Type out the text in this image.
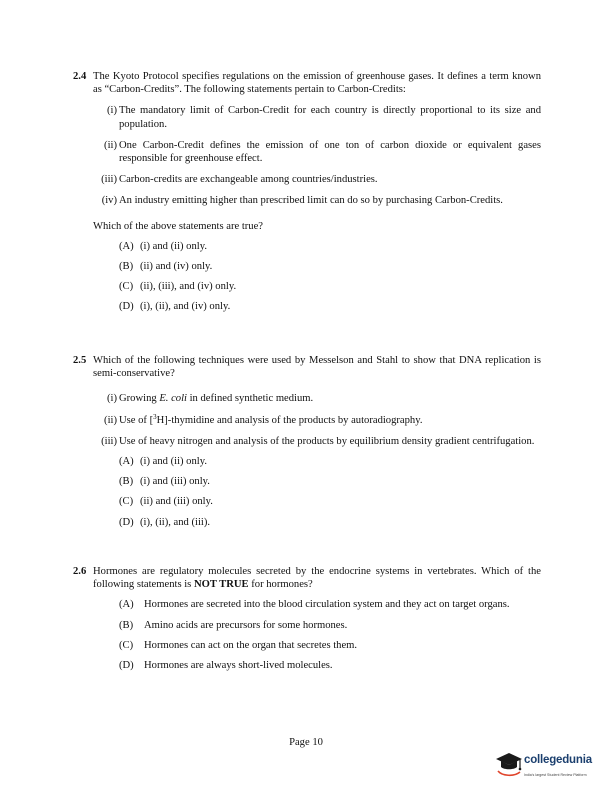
2.4 The Kyoto Protocol specifies regulations on the emission of greenhouse gases. It defines a term known as “Carbon-Credits”. The following statements pertain to Carbon-Credits:
(i) The mandatory limit of Carbon-Credit for each country is directly proportional to its size and population.
(ii) One Carbon-Credit defines the emission of one ton of carbon dioxide or equivalent gases responsible for greenhouse effect.
(iii) Carbon-credits are exchangeable among countries/industries.
(iv) An industry emitting higher than prescribed limit can do so by purchasing Carbon-Credits.
Which of the above statements are true?
(A) (i) and (ii) only.
(B) (ii) and (iv) only.
(C) (ii), (iii), and (iv) only.
(D) (i), (ii), and (iv) only.
2.5 Which of the following techniques were used by Messelson and Stahl to show that DNA replication is semi-conservative?
(i) Growing E. coli in defined synthetic medium.
(ii) Use of [$^3$H]-thymidine and analysis of the products by autoradiography.
(iii) Use of heavy nitrogen and analysis of the products by equilibrium density gradient centrifugation.
(A) (i) and (ii) only.
(B) (i) and (iii) only.
(C) (ii) and (iii) only.
(D) (i), (ii), and (iii).
2.6 Hormones are regulatory molecules secreted by the endocrine systems in vertebrates. Which of the following statements is NOT TRUE for hormones?
(A) Hormones are secreted into the blood circulation system and they act on target organs.
(B) Amino acids are precursors for some hormones.
(C) Hormones can act on the organ that secretes them.
(D) Hormones are always short-lived molecules.
Page 10
collegedunia
India's largest Student Review Platform
